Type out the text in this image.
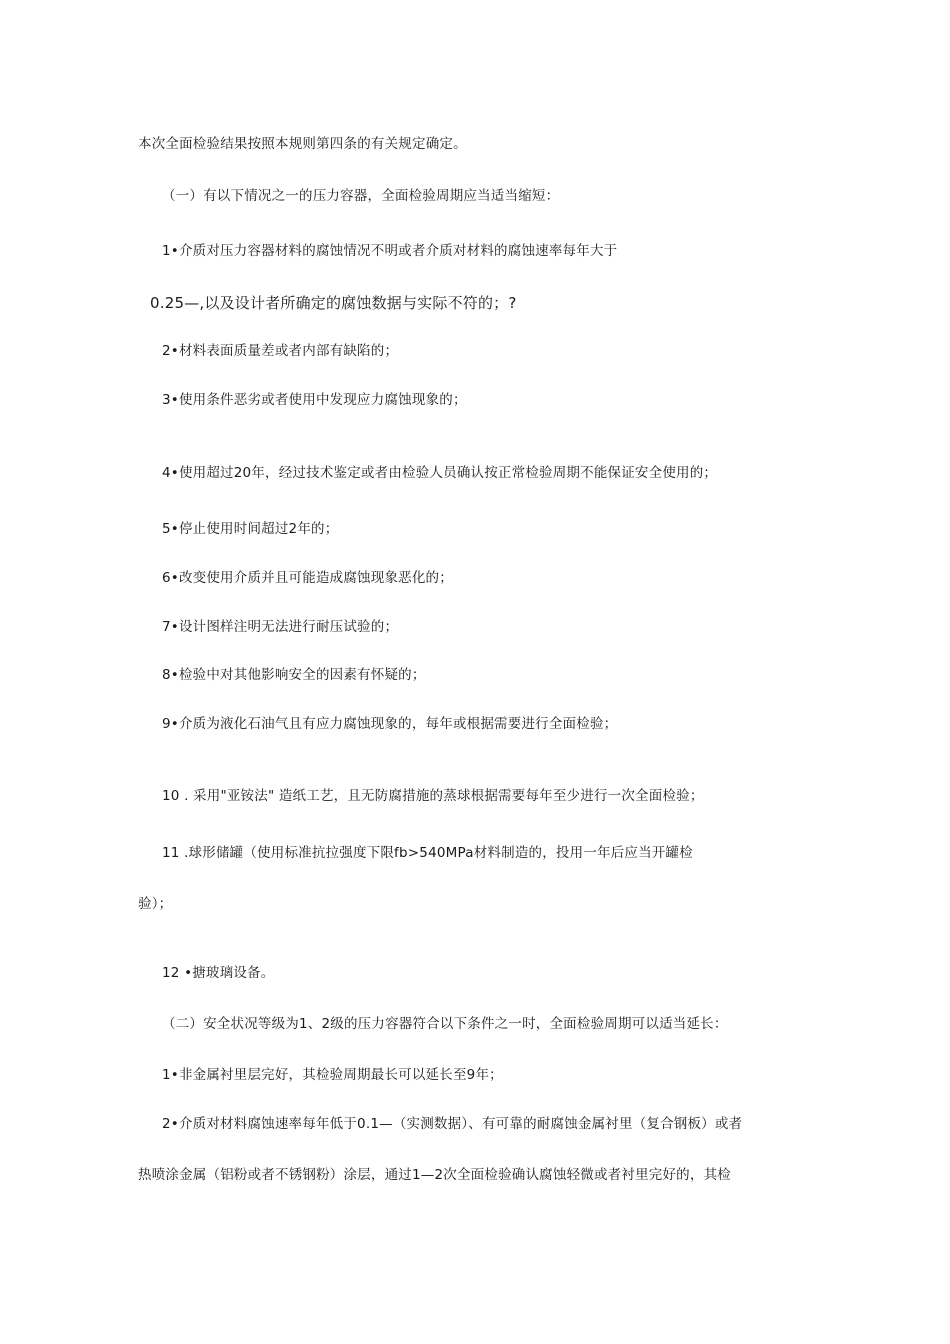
本次全面检验结果按照本规则第四条的有关规定确定。
（一）有以下情况之一的压力容器，全面检验周期应当适当缩短：
1•介质对压力容器材料的腐蚀情况不明或者介质对材料的腐蚀速率每年大于
0.25—,以及设计者所确定的腐蚀数据与实际不符的；?
2•材料表面质量差或者内部有缺陷的；
3•使用条件恶劣或者使用中发现应力腐蚀现象的；
4•使用超过20年，经过技术鉴定或者由检验人员确认按正常检验周期不能保证安全使用的；
5•停止使用时间超过2年的；
6•改变使用介质并且可能造成腐蚀现象恶化的；
7•设计图样注明无法进行耐压试验的；
8•检验中对其他影响安全的因素有怀疑的；
9•介质为液化石油气且有应力腐蚀现象的，每年或根据需要进行全面检验；
10 . 采用"亚铵法" 造纸工艺，且无防腐措施的蒸球根据需要每年至少进行一次全面检验；
11 .球形储罐（使用标准抗拉强度下限fb>540MPa材料制造的，投用一年后应当开罐检
验）；
12 •搪玻璃设备。
（二）安全状况等级为1、2级的压力容器符合以下条件之一时，全面检验周期可以适当延长：
1•非金属衬里层完好，其检验周期最长可以延长至9年；
2•介质对材料腐蚀速率每年低于0.1—（实测数据）、有可靠的耐腐蚀金属衬里（复合钢板）或者
热喷涂金属（铝粉或者不锈钢粉）涂层，通过1—2次全面检验确认腐蚀轻微或者衬里完好的，其检
